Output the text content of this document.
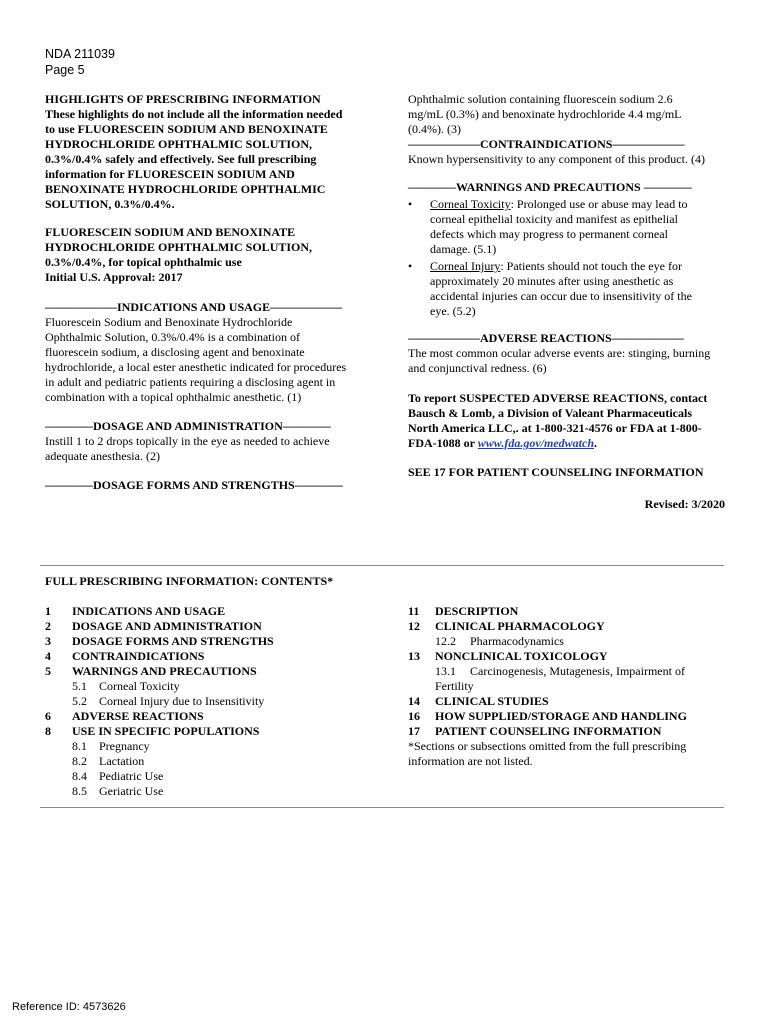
NDA 211039
Page 5
HIGHLIGHTS OF PRESCRIBING INFORMATION
These highlights do not include all the information needed
to use FLUORESCEIN SODIUM AND BENOXINATE
HYDROCHLORIDE OPHTHALMIC SOLUTION,
0.3%/0.4% safely and effectively. See full prescribing
information for FLUORESCEIN SODIUM AND
BENOXINATE HYDROCHLORIDE OPHTHALMIC
SOLUTION, 0.3%/0.4%.
FLUORESCEIN SODIUM AND BENOXINATE
HYDROCHLORIDE OPHTHALMIC SOLUTION,
0.3%/0.4%, for topical ophthalmic use
Initial U.S. Approval: 2017
——————INDICATIONS AND USAGE——————
Fluorescein Sodium and Benoxinate Hydrochloride
Ophthalmic Solution, 0.3%/0.4% is a combination of
fluorescein sodium, a disclosing agent and benoxinate
hydrochloride, a local ester anesthetic indicated for procedures
in adult and pediatric patients requiring a disclosing agent in
combination with a topical ophthalmic anesthetic. (1)
————DOSAGE AND ADMINISTRATION————
Instill 1 to 2 drops topically in the eye as needed to achieve
adequate anesthesia. (2)
————DOSAGE FORMS AND STRENGTHS————
Ophthalmic solution containing fluorescein sodium 2.6
mg/mL (0.3%) and benoxinate hydrochloride 4.4 mg/mL
(0.4%). (3)
——————CONTRAINDICATIONS——————
Known hypersensitivity to any component of this product. (4)
————WARNINGS AND PRECAUTIONS ————
• Corneal Toxicity: Prolonged use or abuse may lead to
corneal epithelial toxicity and manifest as epithelial
defects which may progress to permanent corneal
damage. (5.1)
• Corneal Injury: Patients should not touch the eye for
approximately 20 minutes after using anesthetic as
accidental injuries can occur due to insensitivity of the
eye. (5.2)
——————ADVERSE REACTIONS——————
The most common ocular adverse events are: stinging, burning
and conjunctival redness. (6)
To report SUSPECTED ADVERSE REACTIONS, contact
Bausch & Lomb, a Division of Valeant Pharmaceuticals
North America LLC,. at 1-800-321-4576 or FDA at 1-800-
FDA-1088 or www.fda.gov/medwatch.
SEE 17 FOR PATIENT COUNSELING INFORMATION
Revised: 3/2020
FULL PRESCRIBING INFORMATION: CONTENTS*
1 INDICATIONS AND USAGE
2 DOSAGE AND ADMINISTRATION
3 DOSAGE FORMS AND STRENGTHS
4 CONTRAINDICATIONS
5 WARNINGS AND PRECAUTIONS
5.1 Corneal Toxicity
5.2 Corneal Injury due to Insensitivity
6 ADVERSE REACTIONS
8 USE IN SPECIFIC POPULATIONS
8.1 Pregnancy
8.2 Lactation
8.4 Pediatric Use
8.5 Geriatric Use
11 DESCRIPTION
12 CLINICAL PHARMACOLOGY
12.2 Pharmacodynamics
13 NONCLINICAL TOXICOLOGY
13.1 Carcinogenesis, Mutagenesis, Impairment of
Fertility
14 CLINICAL STUDIES
16 HOW SUPPLIED/STORAGE AND HANDLING
17 PATIENT COUNSELING INFORMATION
*Sections or subsections omitted from the full prescribing
information are not listed.
Reference ID: 4573626
